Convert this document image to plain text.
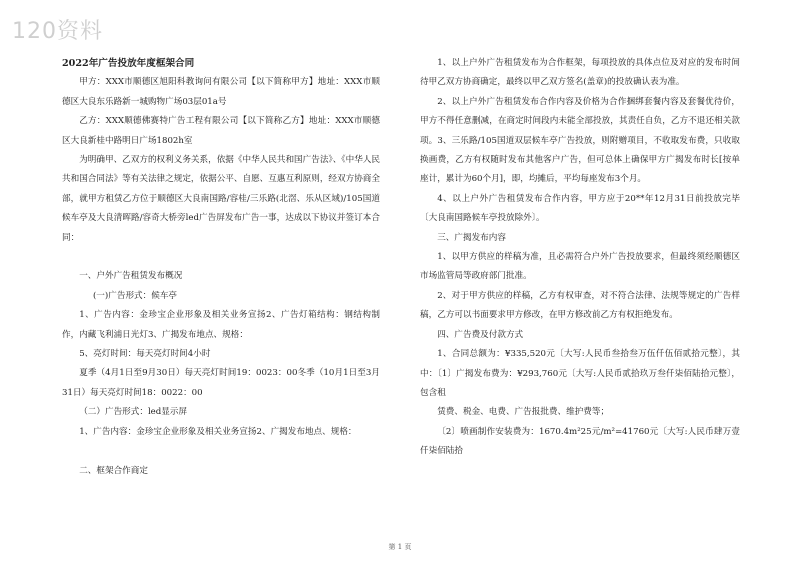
120资料

2022年广告投放年度框架合同

甲方：XXX市顺德区旭阳科教询问有限公司【以下简称甲方】地址：XXX市顺德区大良东乐路新一城购物广场03层01a号

乙方：XXX顺德佛赛特广告工程有限公司【以下简称乙方】地址：XXX市顺德区大良新桂中路明日广场1802h室

为明确甲、乙双方的权利义务关系，依据《中华人民共和国广告法》、《中华人民共和国合同法》等有关法律之规定，依据公平、自愿、互惠互利原则，经双方协商全部，就甲方租赁乙方位于顺德区大良南国路/容桂/三乐路(北滘、乐从区域)/105国道候车亭及大良清晖路/容奇大桥旁led广告屏发布广告一事，达成以下协议并签订本合同：

一、户外广告租赁发布概况

(一)广告形式：候车亭

1、广告内容：金珍宝企业形象及相关业务宣扬2、广告灯箱结构：钢结构制作，内藏飞利浦日光灯3、广揭发布地点、规格：

5、亮灯时间：每天亮灯时间4小时

夏季（4月1日至9月30日）每天亮灯时间19：0023：00冬季（10月1日至3月31日）每天亮灯时间18：0022：00

（二）广告形式：led显示屏

1、广告内容：金珍宝企业形象及相关业务宣扬2、广揭发布地点、规格：

二、框架合作商定

1、以上户外广告租赁发布为合作框架，每项投放的具体点位及对应的发布时间待甲乙双方协商确定，最终以甲乙双方签名(盖章)的投放确认表为准。

2、以上户外广告租赁发布合作内容及价格为合作捆绑套餐内容及套餐优待价，甲方不得任意删减，在商定时间段内未能全部投放，其责任自负，乙方不退还相关款项。3、三乐路/105国道双层候车亭广告投放，则附赠项目，不收取发布费，只收取换画费，乙方有权随时发布其他客户广告，但可总体上确保甲方广揭发布时长[按单座计，累计为60个月]，即，均摊后，平均每座发布3个月。

4、以上户外广告租赁发布合作内容，甲方应于20**年12月31日前投放完毕〔大良南国路候车亭投放除外〕。

三、广揭发布内容

1、以甲方供应的样稿为准，且必需符合户外广告投放要求，但最终须经顺德区市场监管局等政府部门批准。

2、对于甲方供应的样稿，乙方有权审查，对不符合法律、法规等规定的广告样稿，乙方可以书面要求甲方修改，在甲方修改前乙方有权拒绝发布。

四、广告费及付款方式

1、合同总额为：¥335,520元〔大写:人民币叁拾叁万伍仟伍佰贰拾元整〕，其中：〔1〕广揭发布费为：¥293,760元〔大写:人民币贰拾玖万叁仟柒佰陆拾元整〕，包含租

赁费、税金、电费、广告报批费、维护费等；

〔2〕喷画制作安装费为：1670.4m²25元/m²=41760元〔大写:人民币肆万壹仟柒佰陆拾

第 1 页
